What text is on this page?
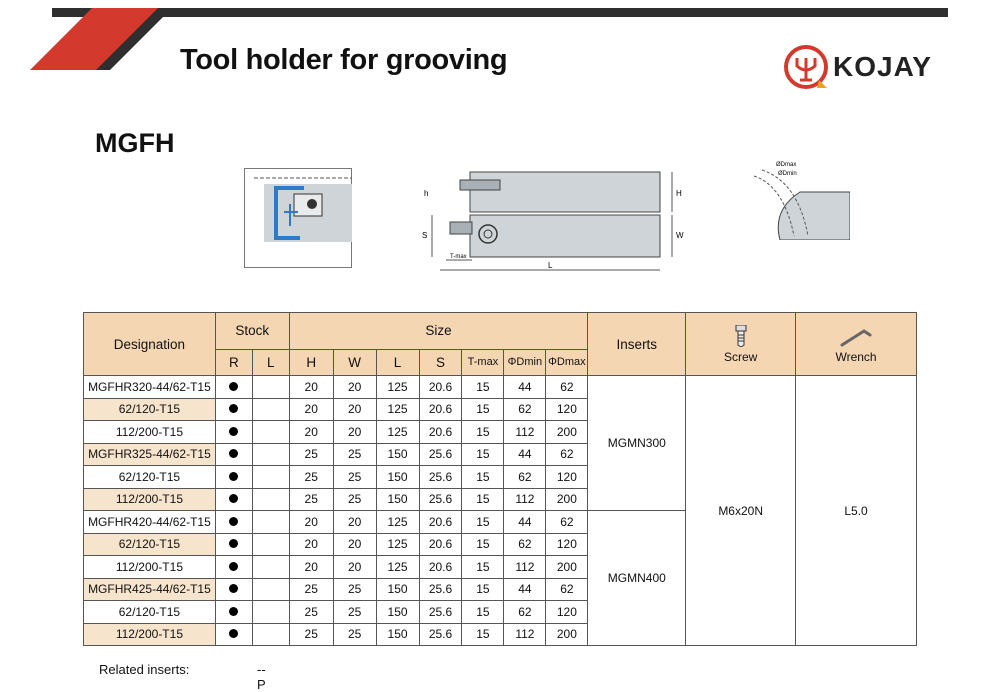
Tool holder for grooving	KOJAY
MGFH
h	H
S	W
L
T-max
ØDmax
ØDmin
Designation	Stock		Size							Inserts	Screw	Wrench
	R	L	H	W	L	S	T-max	ΦDmin	ΦDmax			
MGFHR320-44/62-T15			20	20	125	20.6	15	44	62	MGMN300	M6x20N	L5.0
62/120-T15			20	20	125	20.6	15	62	120			
112/200-T15			20	20	125	20.6	15	112	200			
MGFHR325-44/62-T15			25	25	150	25.6	15	44	62			
62/120-T15			25	25	150	25.6	15	62	120			
112/200-T15			25	25	150	25.6	15	112	200			
MGFHR420-44/62-T15			20	20	125	20.6	15	44	62	MGMN400		
62/120-T15			20	20	125	20.6	15	62	120			
112/200-T15			20	20	125	20.6	15	112	200			
MGFHR425-44/62-T15			25	25	150	25.6	15	44	62			
62/120-T15			25	25	150	25.6	15	62	120			
112/200-T15			25	25	150	25.6	15	112	200			
Related inserts:	--P
